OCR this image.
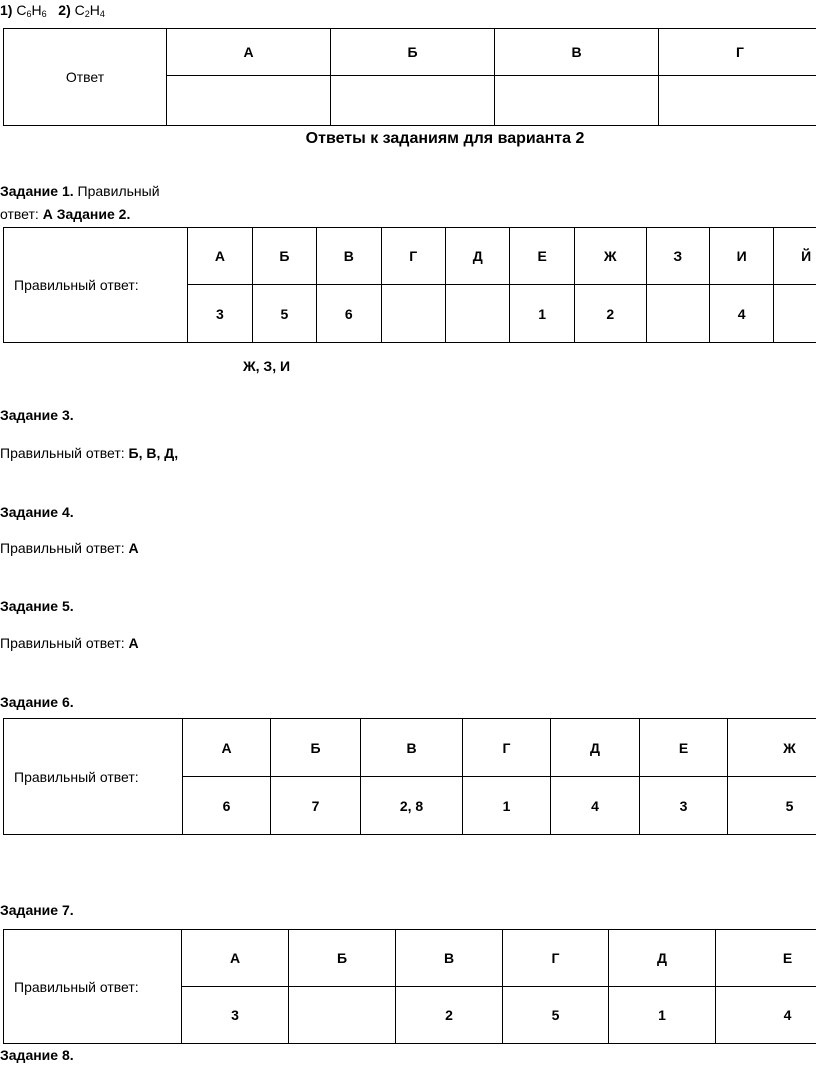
1) $C_6H_6$ 2) $C_2H_4$
Ответ	А	Б	В	Г

Ответы к заданиям для варианта 2
Задание 1. Правильный
ответ: А Задание 2.
Правильный ответ:	А	Б	В	Г	Д	Е	Ж	З	И	Й
	3	5	6			1	2		4	
Ж, З, И
Задание 3.
Правильный ответ: Б, В, Д,
Задание 4.
Правильный ответ: А
Задание 5.
Правильный ответ: А
Задание 6.
Правильный ответ:	А	Б	В	Г	Д	Е	Ж
	6	7	2, 8	1	4	3	5
Задание 7.
Правильный ответ:	А	Б	В	Г	Д	Е
	3		2	5	1	4
Задание 8.
